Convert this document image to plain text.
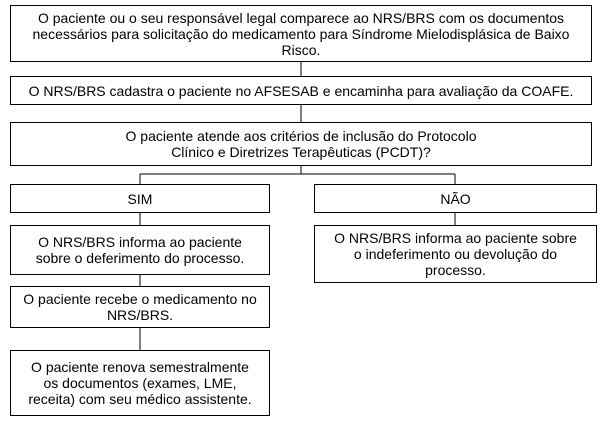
O paciente ou o seu responsável legal comparece ao NRS/BRS com os documentos necessários para solicitação do medicamento para Síndrome Mielodisplásica de Baixo Risco.
O NRS/BRS cadastra o paciente no AFSESAB e encaminha para avaliação da COAFE.
O paciente atende aos critérios de inclusão do Protocolo Clínico e Diretrizes Terapêuticas (PCDT)?
SIM	NÃO
O NRS/BRS informa ao paciente sobre o deferimento do processo.
O paciente recebe o medicamento no NRS/BRS.
O paciente renova semestralmente os documentos (exames, LME, receita) com seu médico assistente.
O NRS/BRS informa ao paciente sobre o indeferimento ou devolução do processo.
